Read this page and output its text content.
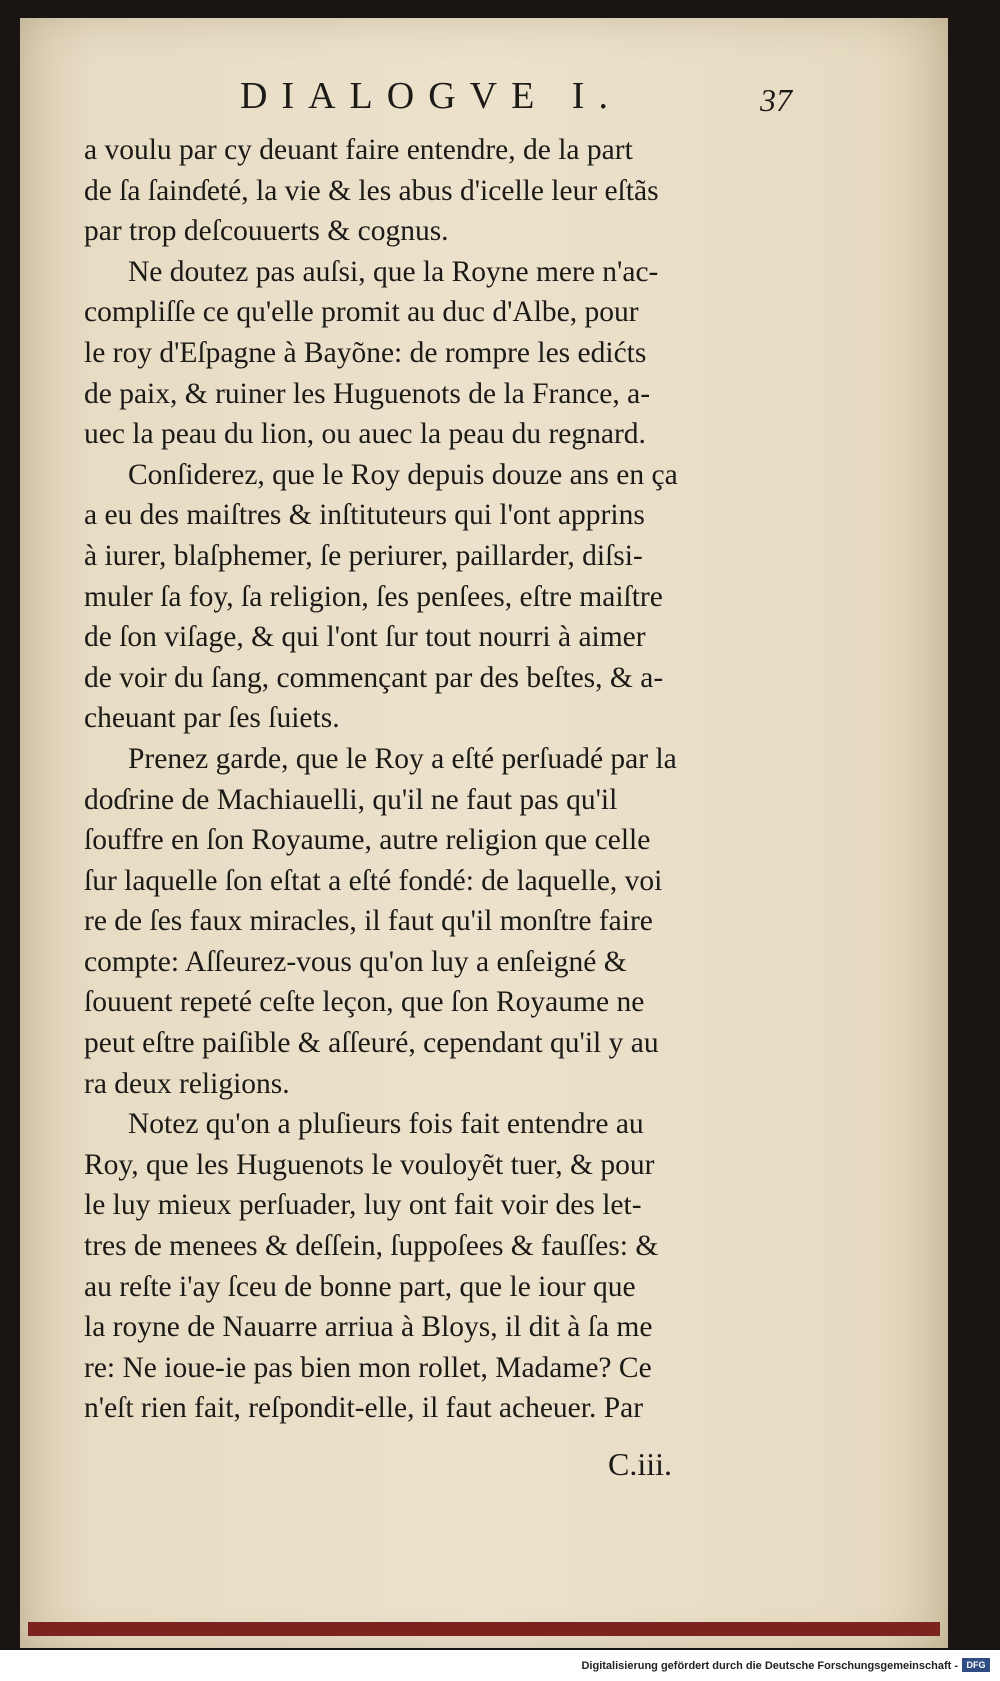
DIALOGVE I.	37

a voulu par cy deuant faire entendre, de la part
de ſa ſainɗeté, la vie & les abus d'icelle leur eſtãs
par trop deſcouuerts & cognus.

Ne doutez pas auſsi, que la Royne mere n'ac-
compliſſe ce qu'elle promit au duc d'Albe, pour
le roy d'Eſpagne à Bayõne: de rompre les edićts
de paix, & ruiner les Huguenots de la France, a-
uec la peau du lion, ou auec la peau du regnard.

Conſiderez, que le Roy depuis douze ans en ça
a eu des maiſtres & inſtituteurs qui l'ont apprins
à iurer, blaſphemer, ſe periurer, paillarder, diſsi-
muler ſa foy, ſa religion, ſes penſees, eſtre maiſtre
de ſon viſage, & qui l'ont ſur tout nourri à aimer
de voir du ſang, commençant par des beſtes, & a-
cheuant par ſes ſuiets.

Prenez garde, que le Roy a eſté perſuadé par la
doɗrine de Machiauelli, qu'il ne faut pas qu'il
ſouffre en ſon Royaume, autre religion que celle
ſur laquelle ſon eſtat a eſté fondé: de laquelle, voi
re de ſes faux miracles, il faut qu'il monſtre faire
compte: Aſſeurez-vous qu'on luy a enſeigné &
ſouuent repeté ceſte leçon, que ſon Royaume ne
peut eſtre paiſible & aſſeuré, cependant qu'il y au
ra deux religions.

Notez qu'on a pluſieurs fois fait entendre au
Roy, que les Huguenots le vouloyẽt tuer, & pour
le luy mieux perſuader, luy ont fait voir des let-
tres de menees & deſſein, ſuppoſees & fauſſes: &
au reſte i'ay ſceu de bonne part, que le iour que
la royne de Nauarre arriua à Bloys, il dit à ſa me
re: Ne ioue-ie pas bien mon rollet, Madame? Ce
n'eſt rien fait, reſpondit-elle, il faut acheuer. Par

C.iii.
Digitalisierung gefördert durch die Deutsche Forschungsgemeinschaft - DFG
